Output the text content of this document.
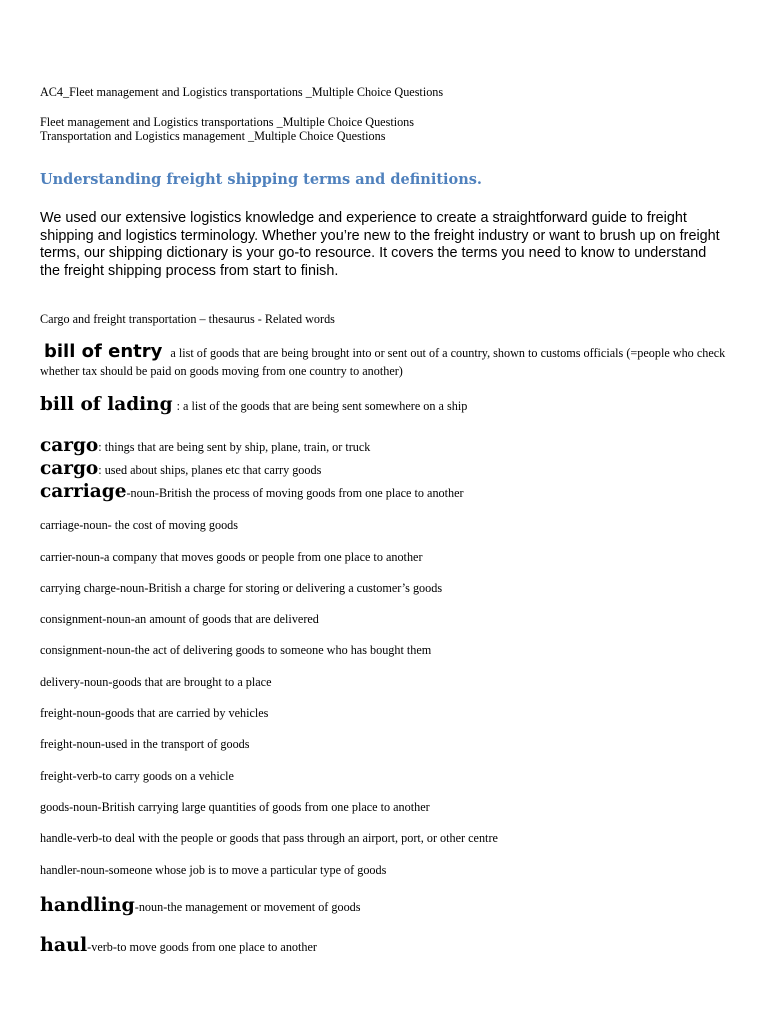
AC4_Fleet management and Logistics transportations _Multiple Choice Questions
Fleet management and Logistics transportations _Multiple Choice Questions
Transportation and Logistics management _Multiple Choice Questions
Understanding freight shipping terms and definitions.
We used our extensive logistics knowledge and experience to create a straightforward guide to freight shipping and logistics terminology. Whether you’re new to the freight industry or want to brush up on freight terms, our shipping dictionary is your go-to resource. It covers the terms you need to know to understand the freight shipping process from start to finish.
Cargo and freight transportation – thesaurus - Related words
bill of entry a list of goods that are being brought into or sent out of a country, shown to customs officials (=people who check whether tax should be paid on goods moving from one country to another)
bill of lading : a list of the goods that are being sent somewhere on a ship
cargo: things that are being sent by ship, plane, train, or truck
cargo: used about ships, planes etc that carry goods
carriage-noun-British the process of moving goods from one place to another
carriage-noun- the cost of moving goods
carrier-noun-a company that moves goods or people from one place to another
carrying charge-noun-British a charge for storing or delivering a customer’s goods
consignment-noun-an amount of goods that are delivered
consignment-noun-the act of delivering goods to someone who has bought them
delivery-noun-goods that are brought to a place
freight-noun-goods that are carried by vehicles
freight-noun-used in the transport of goods
freight-verb-to carry goods on a vehicle
goods-noun-British carrying large quantities of goods from one place to another
handle-verb-to deal with the people or goods that pass through an airport, port, or other centre
handler-noun-someone whose job is to move a particular type of goods
handling-noun-the management or movement of goods
haul-verb-to move goods from one place to another
